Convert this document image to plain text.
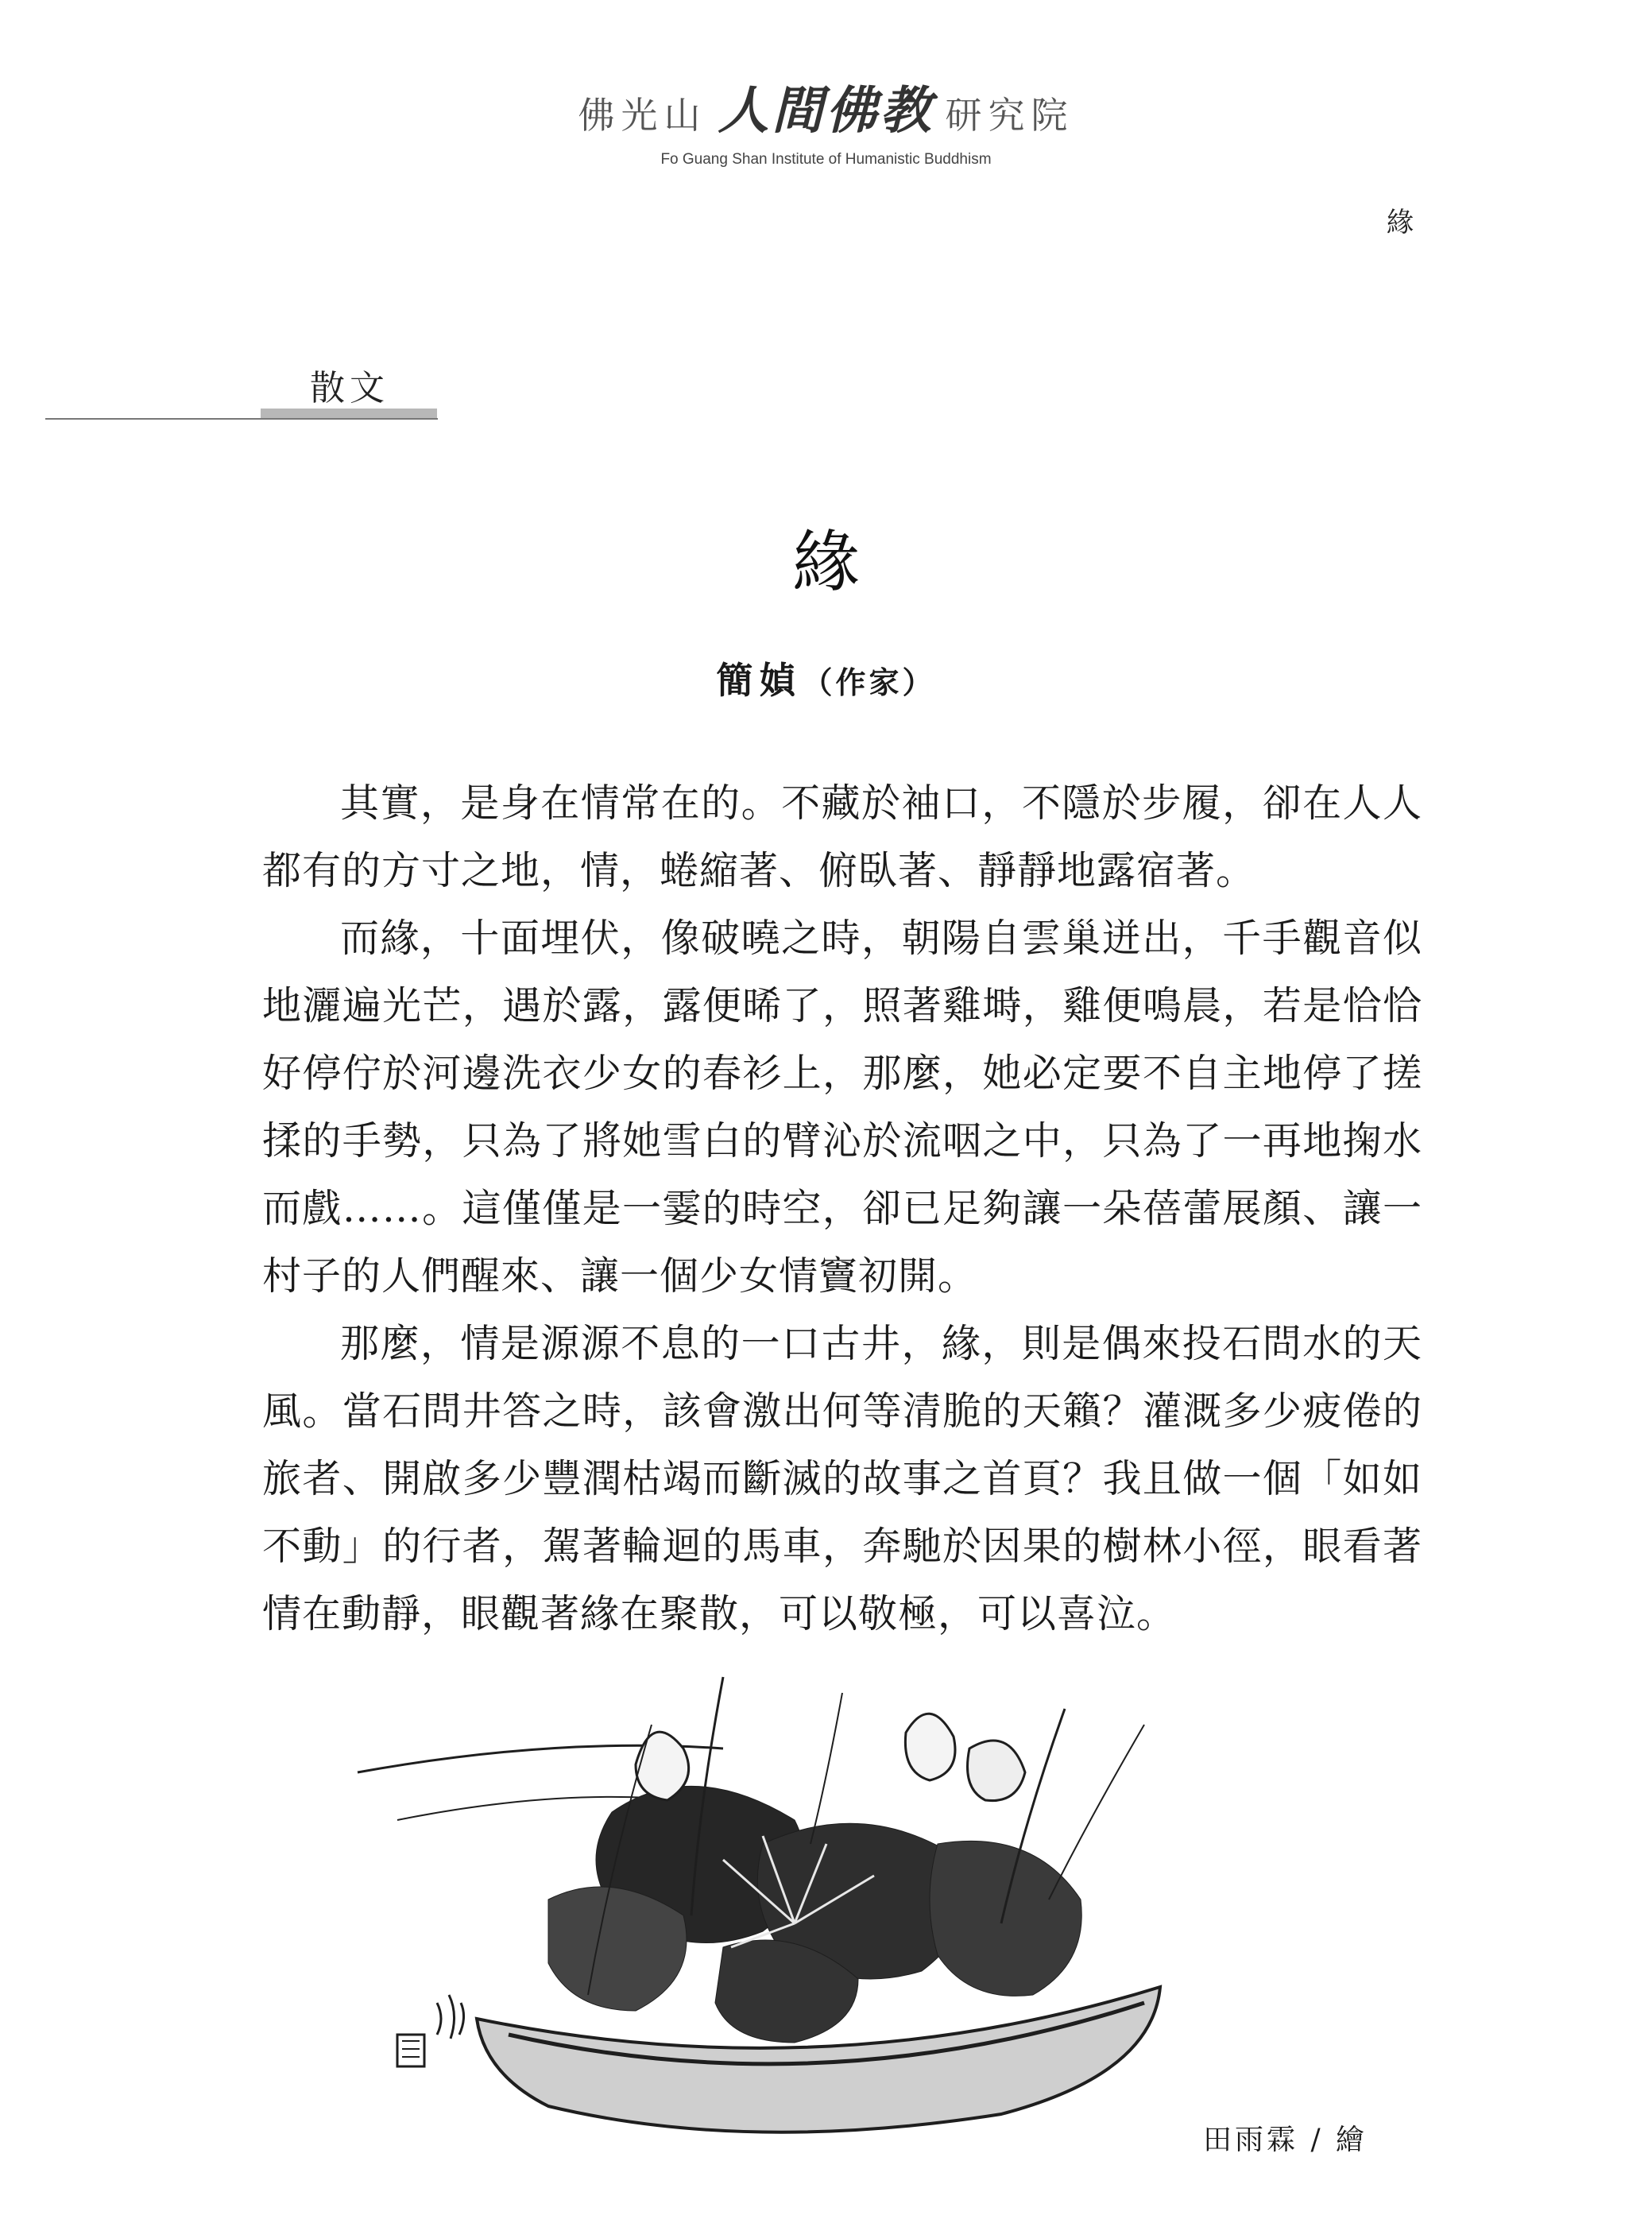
佛光山 人間佛教 研究院
Fo Guang Shan Institute of Humanistic Buddhism
緣
散文
緣
簡媜（作家）

其實，是身在情常在的。不藏於袖口，不隱於步履，卻在人人都有的方寸之地，情，蜷縮著、俯臥著、靜靜地露宿著。

而緣，十面埋伏，像破曉之時，朝陽自雲巢迸出，千手觀音似地灑遍光芒，遇於露，露便晞了，照著雞塒，雞便鳴晨，若是恰恰好停佇於河邊洗衣少女的春衫上，那麼，她必定要不自主地停了搓揉的手勢，只為了將她雪白的臂沁於流咽之中，只為了一再地掬水而戲……。這僅僅是一霎的時空，卻已足夠讓一朵蓓蕾展顏、讓一村子的人們醒來、讓一個少女情竇初開。

那麼，情是源源不息的一口古井，緣，則是偶來投石問水的天風。當石問井答之時，該會激出何等清脆的天籟？灌溉多少疲倦的旅者、開啟多少豐潤枯竭而斷滅的故事之首頁？我且做一個「如如不動」的行者，駕著輪迴的馬車，奔馳於因果的樹林小徑，眼看著情在動靜，眼觀著緣在聚散，可以敬極，可以喜泣。

田雨霖 / 繪
